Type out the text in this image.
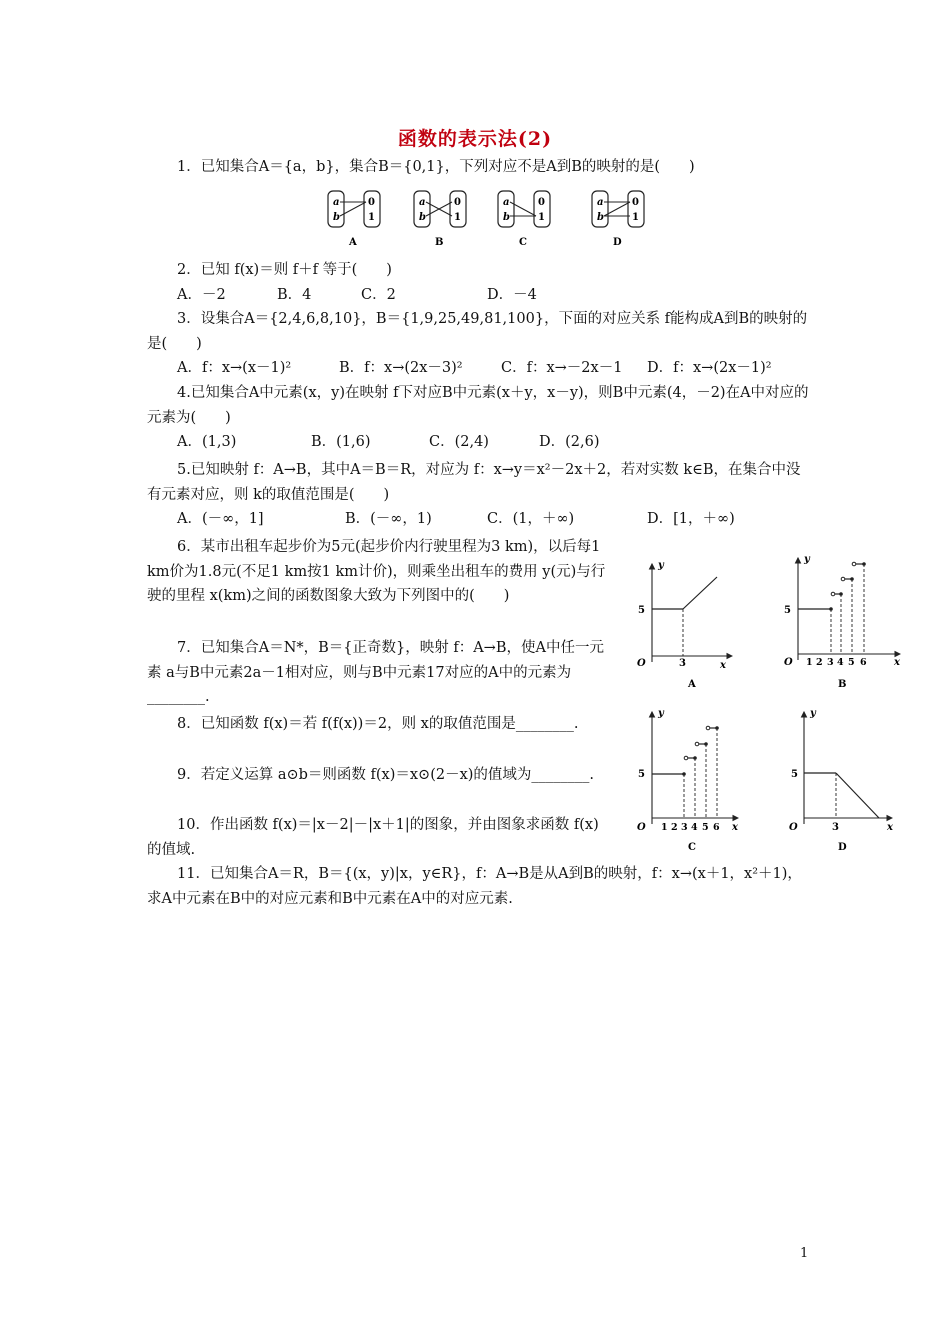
函数的表示法(2)

1．已知集合A＝{a，b}，集合B＝{0,1}，下列对应不是A到B的映射的是(　　)

a
b
0
1
A
a
b
0
1
B
a
b
0
1
C
a
b
0
1
D

2．已知 f(x)＝则 f＋f 等于(　　)

A．－2	B．4	C．2	D．－4

3．设集合A＝{2,4,6,8,10}，B＝{1,9,25,49,81,100}，下面的对应关系 f能构成A到B的映射的是(　　)

A．f：x→(x－1)²	B．f：x→(2x－3)²	C．f：x→－2x－1	D．f：x→(2x－1)²

4.已知集合A中元素(x，y)在映射 f下对应B中元素(x＋y，x－y)，则B中元素(4，－2)在A中对应的元素为(　　)

A．(1,3)	B．(1,6)	C．(2,4)	D．(2,6)

5.已知映射 f：A→B，其中A＝B＝R，对应为 f：x→y＝x²－2x＋2，若对实数 k∈B，在集合中没有元素对应，则 k的取值范围是(　　)

A．(－∞，1]	B．(－∞，1)	C．(1，＋∞)	D．[1，＋∞)

6．某市出租车起步价为5元(起步价内行驶里程为3 km)，以后每1 km价为1.8元(不足1 km按1 km计价)，则乘坐出租车的费用 y(元)与行驶的里程 x(km)之间的函数图象大致为下列图中的(　　)

7．已知集合A＝N*，B＝{正奇数}，映射 f：A→B，使A中任一元素 a与B中元素2a－1相对应，则与B中元素17对应的A中的元素为________.

8．已知函数 f(x)＝若 f(f(x))＝2，则 x的取值范围是________.

9．若定义运算 a⊙b＝则函数 f(x)＝x⊙(2－x)的值域为________.

10．作出函数 f(x)＝|x－2|－|x＋1|的图象，并由图象求函数 f(x)的值域.

11．已知集合A＝R，B＝{(x，y)|x，y∈R}，f：A→B是从A到B的映射，f：x→(x＋1，x²＋1)，求A中元素在B中的对应元素和B中元素在A中的对应元素.

y
x
O
5
3
A
y
x
O
5
1 2 3 4 5 6
B
y
x
O
5
1 2 3 4 5 6
C
y
x
O
5
3
D
1
